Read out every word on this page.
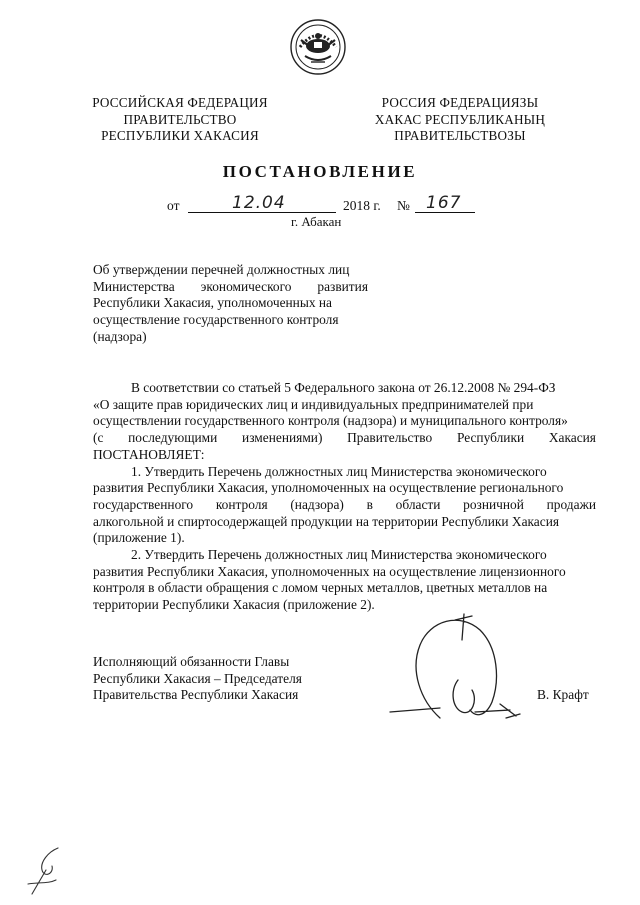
РОССИЙСКАЯ ФЕДЕРАЦИЯ
ПРАВИТЕЛЬСТВО
РЕСПУБЛИКИ ХАКАСИЯ
РОССИЯ ФЕДЕРАЦИЯЗЫ
ХАКАС РЕСПУБЛИКАНЫҢ
ПРАВИТЕЛЬСТВОЗЫ
ПОСТАНОВЛЕНИЕ
от	12.04	2018 г. № 167
г. Абакан
Об утверждении перечней должностных лиц
Министерства экономического развития
Республики Хакасия, уполномоченных на
осуществление государственного контроля
(надзора)
В соответствии со статьей 5 Федерального закона от 26.12.2008 № 294-ФЗ
«О защите прав юридических лиц и индивидуальных предпринимателей при
осуществлении государственного контроля (надзора) и муниципального контроля»
(с последующими изменениями) Правительство Республики Хакасия
ПОСТАНОВЛЯЕТ:
1. Утвердить Перечень должностных лиц Министерства экономического
развития Республики Хакасия, уполномоченных на осуществление регионального
государственного контроля (надзора) в области розничной продажи
алкогольной и спиртосодержащей продукции на территории Республики Хакасия
(приложение 1).
2. Утвердить Перечень должностных лиц Министерства экономического
развития Республики Хакасия, уполномоченных на осуществление лицензионного
контроля в области обращения с ломом черных металлов, цветных металлов на
территории Республики Хакасия (приложение 2).
Исполняющий обязанности Главы
Республики Хакасия – Председателя
Правительства Республики Хакасия	В. Крафт
